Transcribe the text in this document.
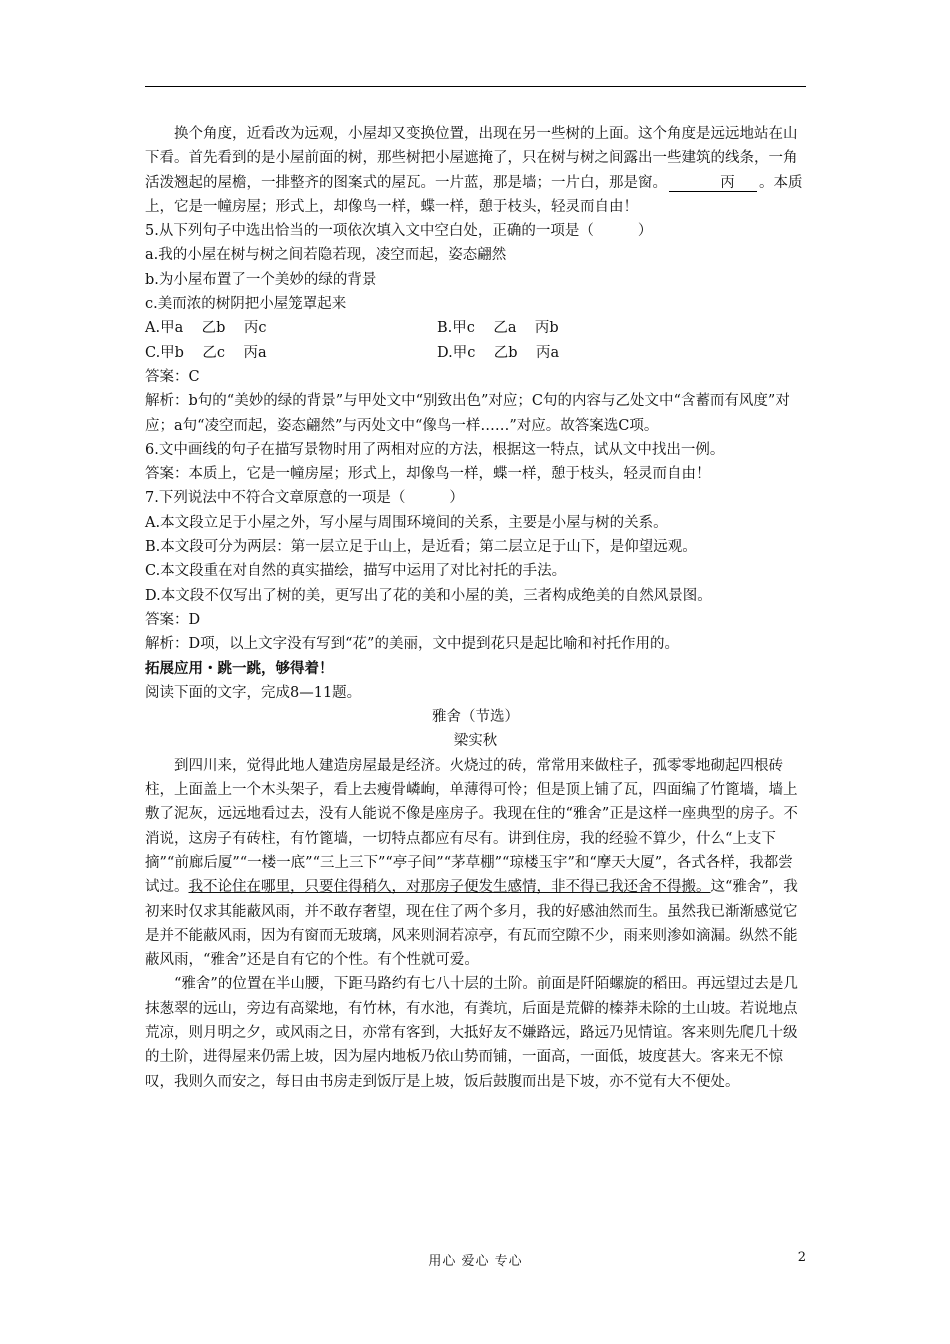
换个角度，近看改为远观，小屋却又变换位置，出现在另一些树的上面。这个角度是远远地站在山下看。首先看到的是小屋前面的树，那些树把小屋遮掩了，只在树与树之间露出一些建筑的线条，一角活泼翘起的屋檐，一排整齐的图案式的屋瓦。一片蓝，那是墙；一片白，那是窗。	丙 。本质上，它是一幢房屋；形式上，却像鸟一样，蝶一样，憩于枝头，轻灵而自由！

5.从下列句子中选出恰当的一项依次填入文中空白处，正确的一项是（	）

a.我的小屋在树与树之间若隐若现，凌空而起，姿态翩然

b.为小屋布置了一个美妙的绿的背景

c.美而浓的树阴把小屋笼罩起来

A.甲a    乙b    丙c	B.甲c    乙a    丙b
C.甲b    乙c    丙a	D.甲c    乙b    丙a

答案：C

解析：b句的“美妙的绿的背景”与甲处文中“别致出色”对应；C句的内容与乙处文中“含蓄而有风度”对应；a句“凌空而起，姿态翩然”与丙处文中“像鸟一样……”对应。故答案选C项。

6.文中画线的句子在描写景物时用了两相对应的方法，根据这一特点，试从文中找出一例。

答案：本质上，它是一幢房屋；形式上，却像鸟一样，蝶一样，憩于枝头，轻灵而自由！

7.下列说法中不符合文章原意的一项是（	）

A.本文段立足于小屋之外，写小屋与周围环境间的关系，主要是小屋与树的关系。

B.本文段可分为两层：第一层立足于山上，是近看；第二层立足于山下，是仰望远观。

C.本文段重在对自然的真实描绘，描写中运用了对比衬托的手法。

D.本文段不仅写出了树的美，更写出了花的美和小屋的美，三者构成绝美的自然风景图。

答案：D

解析：D项，以上文字没有写到“花”的美丽，文中提到花只是起比喻和衬托作用的。

拓展应用・跳一跳，够得着！

阅读下面的文字，完成8—11题。

雅舍（节选）

梁实秋

到四川来，觉得此地人建造房屋最是经济。火烧过的砖，常常用来做柱子，孤零零地砌起四根砖柱，上面盖上一个木头架子，看上去瘦骨嶙峋，单薄得可怜；但是顶上铺了瓦，四面编了竹篦墙，墙上敷了泥灰，远远地看过去，没有人能说不像是座房子。我现在住的“雅舍”正是这样一座典型的房子。不消说，这房子有砖柱，有竹篦墙，一切特点都应有尽有。讲到住房，我的经验不算少，什么“上支下摘”“前廊后厦”“一楼一底”“三上三下”“亭子间”“茅草棚”“琼楼玉宇”和“摩天大厦”，各式各样，我都尝试过。我不论住在哪里，只要住得稍久，对那房子便发生感情，非不得已我还舍不得搬。这“雅舍”，我初来时仅求其能蔽风雨，并不敢存奢望，现在住了两个多月，我的好感油然而生。虽然我已渐渐感觉它是并不能蔽风雨，因为有窗而无玻璃，风来则洞若凉亭，有瓦而空隙不少，雨来则渗如滴漏。纵然不能蔽风雨，“雅舍”还是自有它的个性。有个性就可爱。

“雅舍”的位置在半山腰，下距马路约有七八十层的土阶。前面是阡陌螺旋的稻田。再远望过去是几抹葱翠的远山，旁边有高粱地，有竹林，有水池，有粪坑，后面是荒僻的榛莽未除的土山坡。若说地点荒凉，则月明之夕，或风雨之日，亦常有客到，大抵好友不嫌路远，路远乃见情谊。客来则先爬几十级的土阶，进得屋来仍需上坡，因为屋内地板乃依山势而铺，一面高，一面低，坡度甚大。客来无不惊叹，我则久而安之，每日由书房走到饭厅是上坡，饭后鼓腹而出是下坡，亦不觉有大不便处。

用心 爱心 专心	2
